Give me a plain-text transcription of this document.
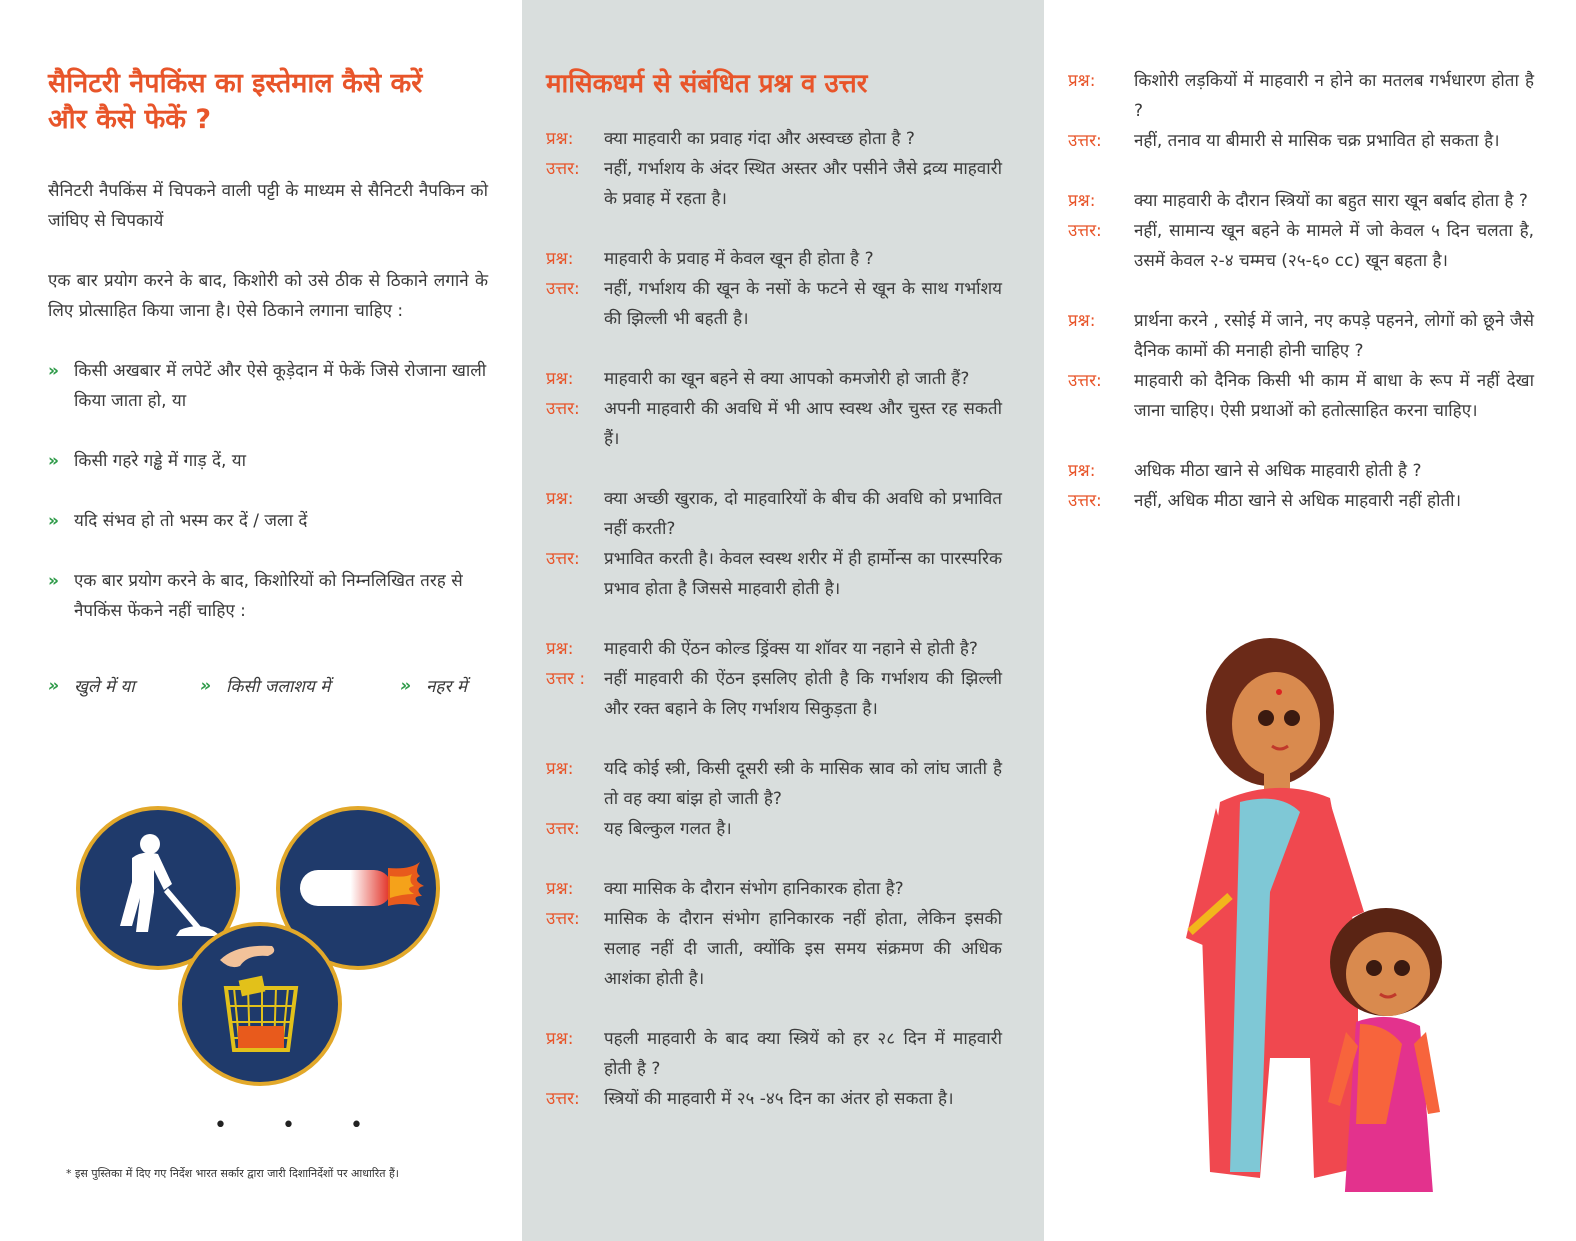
सैनिटरी नैपकिंस का इस्तेमाल कैसे करें
और कैसे फेकें ?

सैनिटरी नैपकिंस में चिपकने वाली पट्टी के माध्यम से सैनिटरी नैपकिन को जांघिए से चिपकायें

एक बार प्रयोग करने के बाद, किशोरी को उसे ठीक से ठिकाने लगाने के लिए प्रोत्साहित किया जाना है। ऐसे ठिकाने लगाना चाहिए :

» किसी अखबार में लपेटें और ऐसे कूड़ेदान में फेकें जिसे रोजाना खाली किया जाता हो, या
» किसी गहरे गड्ढे में गाड़ दें, या
» यदि संभव हो तो भस्म कर दें / जला दें
» एक बार प्रयोग करने के बाद, किशोरियों को निम्नलिखित तरह से नैपकिंस फेंकने नहीं चाहिए :
» खुले में या	» किसी जलाशय में	» नहर में
• • •
* इस पुस्तिका में दिए गए निर्देश भारत सर्कार द्वारा जारी दिशानिर्देशों पर आधारित हैं।
मासिकधर्म से संबंधित प्रश्न व उत्तर
प्रश्न:	क्या माहवारी का प्रवाह गंदा और अस्वच्छ होता है ?
उत्तर:	नहीं, गर्भाशय के अंदर स्थित अस्तर और पसीने जैसे द्रव्य माहवारी के प्रवाह में रहता है।
प्रश्न:	माहवारी के प्रवाह में केवल खून ही होता है ?
उत्तर:	नहीं, गर्भाशय की खून के नसों के फटने से खून के साथ गर्भाशय की झिल्ली भी बहती है।
प्रश्न:	माहवारी का खून बहने से क्या आपको कमजोरी हो जाती हैं?
उत्तर:	अपनी माहवारी की अवधि में भी आप स्वस्थ और चुस्त रह सकती हैं।
प्रश्न:	क्या अच्छी खुराक, दो माहवारियों के बीच की अवधि को प्रभावित नहीं करती?
उत्तर:	प्रभावित करती है। केवल स्वस्थ शरीर में ही हार्मोन्स का पारस्परिक प्रभाव होता है जिससे माहवारी होती है।
प्रश्न:	माहवारी की ऐंठन कोल्ड ड्रिंक्स या शॉवर या नहाने से होती है?
उत्तर :	नहीं माहवारी की ऐंठन इसलिए होती है कि गर्भाशय की झिल्ली और रक्त बहाने के लिए गर्भाशय सिकुड़ता है।
प्रश्न:	यदि कोई स्त्री, किसी दूसरी स्त्री के मासिक स्राव को लांघ जाती है तो वह क्या बांझ हो जाती है?
उत्तर:	यह बिल्कुल गलत है।
प्रश्न:	क्या मासिक के दौरान संभोग हानिकारक होता है?
उत्तर:	मासिक के दौरान संभोग हानिकारक नहीं होता, लेकिन इसकी सलाह नहीं दी जाती, क्योंकि इस समय संक्रमण की अधिक आशंका होती है।
प्रश्न:	पहली माहवारी के बाद क्या स्त्रियें को हर २८ दिन में माहवारी होती है ?
उत्तर:	स्त्रियों की माहवारी में २५ -४५ दिन का अंतर हो सकता है।
प्रश्न:	किशोरी लड़कियों में माहवारी न होने का मतलब गर्भधारण होता है ?
उत्तर:	नहीं, तनाव या बीमारी से मासिक चक्र प्रभावित हो सकता है।
प्रश्न:	क्या माहवारी के दौरान स्त्रियों का बहुत सारा खून बर्बाद होता है ?
उत्तर:	नहीं, सामान्य खून बहने के मामले में जो केवल ५ दिन चलता है, उसमें केवल २-४ चम्मच (२५-६० cc) खून बहता है।
प्रश्न:	प्रार्थना करने , रसोई में जाने, नए कपड़े पहनने, लोगों को छूने जैसे दैनिक कामों की मनाही होनी चाहिए ?
उत्तर:	माहवारी को दैनिक किसी भी काम में बाधा के रूप में नहीं देखा जाना चाहिए। ऐसी प्रथाओं को हतोत्साहित करना चाहिए।
प्रश्न:	अधिक मीठा खाने से अधिक माहवारी होती है ?
उत्तर:	नहीं, अधिक मीठा खाने से अधिक माहवारी नहीं होती।
